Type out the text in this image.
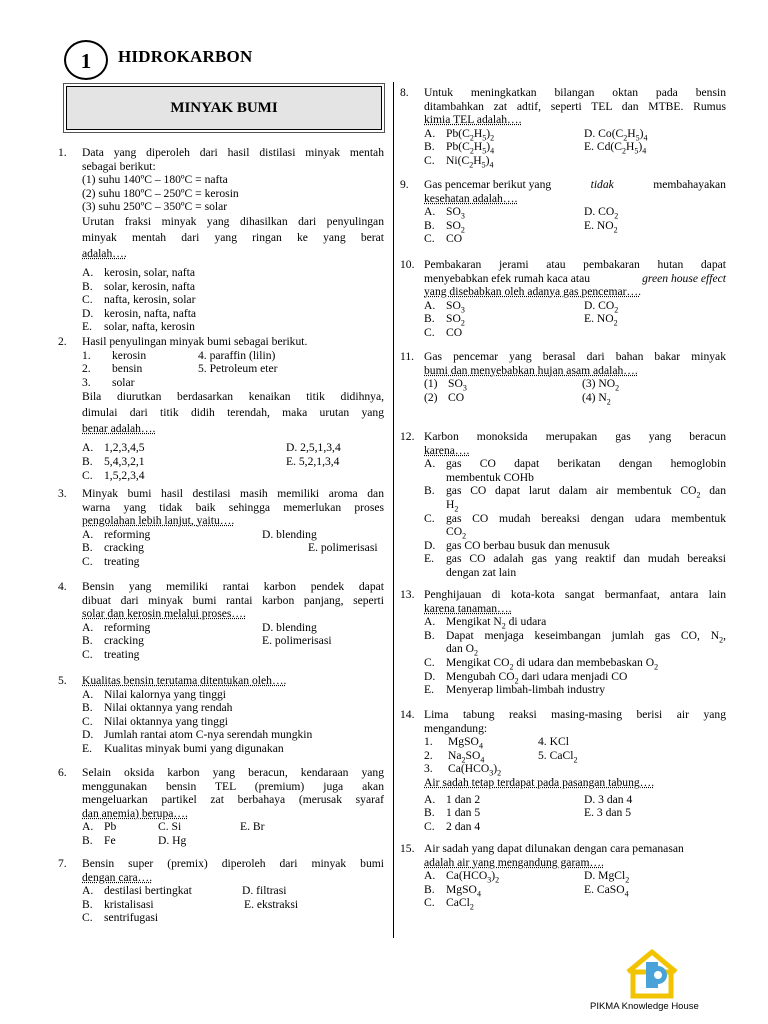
1	HIDROKARBON
MINYAK BUMI
1. Data yang diperoleh dari hasil distilasi minyak mentah
sebagai berikut:
(1) suhu 140ºC – 180ºC = nafta
(2) suhu 180ºC – 250ºC = kerosin
(3) suhu 250ºC – 350ºC = solar
Urutan fraksi minyak yang dihasilkan dari penyulingan
minyak mentah dari yang ringan ke yang berat
adalah….
A. kerosin, solar, nafta
B. solar, kerosin, nafta
C. nafta, kerosin, solar
D. kerosin, nafta, nafta
E.	solar, nafta, kerosin
2. Hasil penyulingan minyak bumi sebagai berikut.
1.	kerosin	4. paraffin (lilin)
2.	bensin	5. Petroleum eter
3.	solar
Bila diurutkan berdasarkan kenaikan titik didihnya,
dimulai dari titik didih terendah, maka urutan yang
benar adalah….
A. 1,2,3,4,5	D. 2,5,1,3,4
B. 5,4,3,2,1	E. 5,2,1,3,4
C. 1,5,2,3,4
3. Minyak bumi hasil destilasi masih memiliki aroma dan
warna yang tidak baik sehingga memerlukan proses
pengolahan lebih lanjut, yaitu….
A. reforming	D. blending
B. cracking	E. polimerisasi
C. treating
4. Bensin yang memiliki rantai karbon pendek dapat
dibuat dari minyak bumi rantai karbon panjang, seperti
solar dan kerosin melalui proses….
A. reforming	D. blending
B. cracking	E. polimerisasi
C. treating
5. Kualitas bensin terutama ditentukan oleh….
A. Nilai kalornya yang tinggi
B. Nilai oktannya yang rendah
C. Nilai oktannya yang tinggi
D. Jumlah rantai atom C-nya serendah mungkin
E.	Kualitas minyak bumi yang digunakan
6. Selain oksida karbon yang beracun, kendaraan yang
menggunakan bensin TEL (premium) juga akan
mengeluarkan partikel zat berbahaya (merusak syaraf
dan anemia) berupa….
A. Pb	C. Si	E. Br
B. Fe	D. Hg
7. Bensin super (premix) diperoleh dari minyak bumi
dengan cara….
A. destilasi bertingkat	D. filtrasi
B. kristalisasi	E. ekstraksi
C. sentrifugasi
8. Untuk meningkatkan bilangan oktan pada bensin
ditambahkan zat adtif, seperti TEL dan MTBE. Rumus
kimia TEL adalah….
A. $Pb(C_2H_5)_2$	D. $Co(C_2H_5)_4$
B. $Pb(C_2H_5)_4$	E. $Cd(C_2H_5)_4$
C. $Ni(C_2H_5)_4$
9. Gas pencemar berikut yang	tidak	membahayakan
kesehatan adalah….
A. $SO_3$	D. $CO_2$
B. $SO_2$	E. $NO_2$
C. CO
10. Pembakaran jerami atau pembakaran hutan dapat
menyebabkan efek rumah kaca atau	green house effect
yang disebabkan oleh adanya gas pencemar….
A. $SO_3$	D. $CO_2$
B. $SO_2$	E. $NO_2$
C. CO
11. Gas pencemar yang berasal dari bahan bakar minyak
bumi dan menyebabkan hujan asam adalah….
(1) $SO_3$	(3) $NO_2$
(2) CO	(4) $N_2$
12. Karbon monoksida merupakan gas yang beracun
karena….
A. gas CO dapat berikatan dengan hemoglobin
membentuk COHb
B. gas CO dapat larut dalam air membentuk $CO_2$ dan
$H_2$
C. gas CO mudah bereaksi dengan udara membentuk
$CO_2$
D. gas CO berbau busuk dan menusuk
E.	gas CO adalah gas yang reaktif dan mudah bereaksi
dengan zat lain
13. Penghijauan di kota-kota sangat bermanfaat, antara lain
karena tanaman….
A. Mengikat $N_2$ di udara
B. Dapat menjaga keseimbangan jumlah gas CO, $N_2$,
dan $O_2$
C. Mengikat $CO_2$ di udara dan membebaskan $O_2$
D. Mengubah $CO_2$ dari udara menjadi CO
E.	Menyerap limbah-limbah industry
14. Lima tabung reaksi masing-masing berisi air yang
mengandung:
1.	MgSO$_4$	4. KCl
2.	$Na_2SO_4$	5. CaCl$_2$
3.	$Ca(HCO_3)_2$
Air sadah tetap terdapat pada pasangan tabung….
A. 1 dan 2	D. 3 dan 4
B. 1 dan 5	E. 3 dan 5
C. 2 dan 4
15. Air sadah yang dapat dilunakan dengan cara pemanasan
adalah air yang mengandung garam….
A. $Ca(HCO_3)_2$	D. MgCl$_2$
B. MgSO$_4$	E. CaSO$_4$
C. CaCl$_2$
PIKMA Knowledge House
